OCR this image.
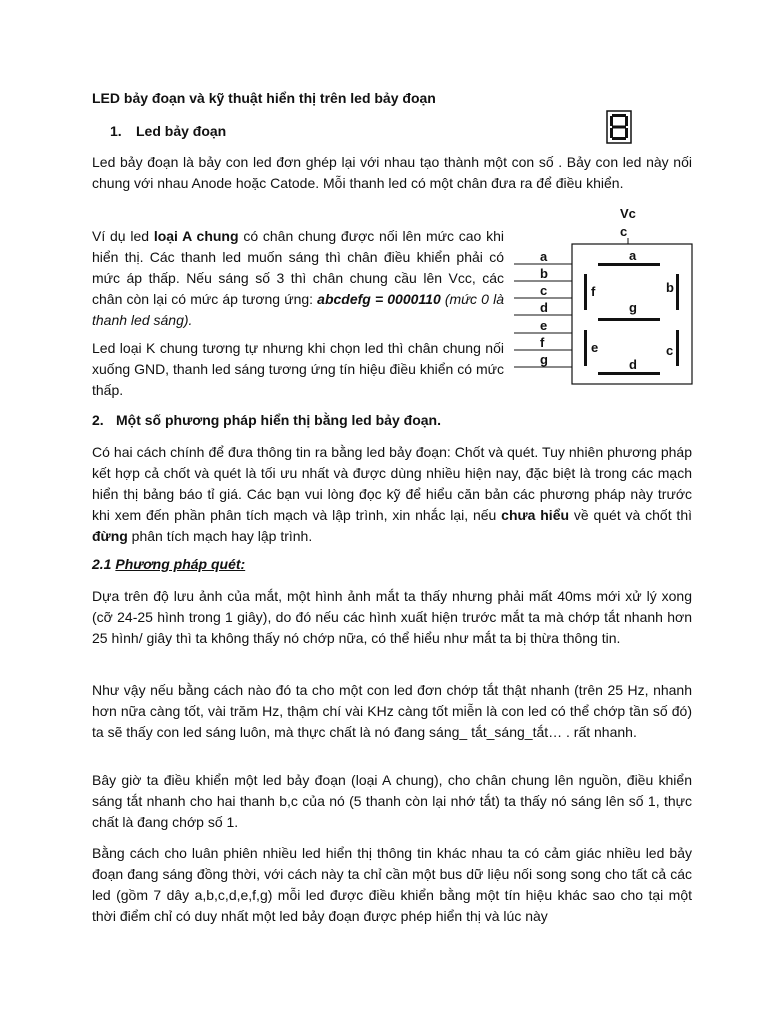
LED bảy đoạn và kỹ thuật hiển thị trên led bảy đoạn
1. Led bảy đoạn

Led bảy đoạn là bảy con led đơn ghép lại với nhau tạo thành một con số . Bảy con led này nối chung với nhau Anode hoặc Catode. Mỗi thanh led có một chân đưa ra để điều khiển.

Ví dụ led loại A chung có chân chung được nối lên mức cao khi hiển thị. Các thanh led muốn sáng thì chân điều khiển phải có mức áp thấp. Nếu sáng số 3 thì chân chung cầu lên Vcc, các chân còn lại có mức áp tương ứng: abcdefg = 0000110 (mức 0 là thanh led sáng).

Led loại K chung tương tự nhưng khi chọn led thì chân chung nối xuống GND, thanh led sáng tương ứng tín hiệu điều khiển có mức thấp.

Vc
c
a
b
c
d
e
f
g
a
b
c
d
e
f
g
2. Một số phương pháp hiển thị bằng led bảy đoạn.

Có hai cách chính để đưa thông tin ra bằng led bảy đoạn: Chốt và quét. Tuy nhiên phương pháp kết hợp cả chốt và quét là tối ưu nhất và được dùng nhiều hiện nay, đặc biệt là trong các mạch hiển thị bảng báo tỉ giá. Các bạn vui lòng đọc kỹ để hiểu căn bản các phương pháp này trước khi xem đến phần phân tích mạch và lập trình, xin nhắc lại, nếu chưa hiểu về quét và chốt thì đừng phân tích mạch hay lập trình.

2.1 Phương pháp quét:

Dựa trên độ lưu ảnh của mắt, một hình ảnh mắt ta thấy nhưng phải mất 40ms mới xử lý xong (cỡ 24-25 hình trong 1 giây), do đó nếu các hình xuất hiện trước mắt ta mà chớp tắt nhanh hơn 25 hình/ giây thì ta không thấy nó chớp nữa, có thể hiểu như mắt ta bị thừa thông tin.

Như vậy nếu bằng cách nào đó ta cho một con led đơn chớp tắt thật nhanh (trên 25 Hz, nhanh hơn nữa càng tốt, vài trăm Hz, thậm chí vài KHz càng tốt miễn là con led có thể chớp tần số đó) ta sẽ thấy con led sáng luôn, mà thực chất là nó đang sáng_ tắt_sáng_tắt… . rất nhanh.

Bây giờ ta điều khiển một led bảy đoạn (loại A chung), cho chân chung lên nguồn, điều khiển sáng tắt nhanh cho hai thanh b,c của nó (5 thanh còn lại nhớ tắt) ta thấy nó sáng lên số 1, thực chất là đang chớp số 1.

Bằng cách cho luân phiên nhiều led hiển thị thông tin khác nhau ta có cảm giác nhiều led bảy đoạn đang sáng đồng thời, với cách này ta chỉ cần một bus dữ liệu nối song song cho tất cả các led (gồm 7 dây a,b,c,d,e,f,g) mỗi led được điều khiển bằng một tín hiệu khác sao cho tại một thời điểm chỉ có duy nhất một led bảy đoạn được phép hiển thị và lúc này
